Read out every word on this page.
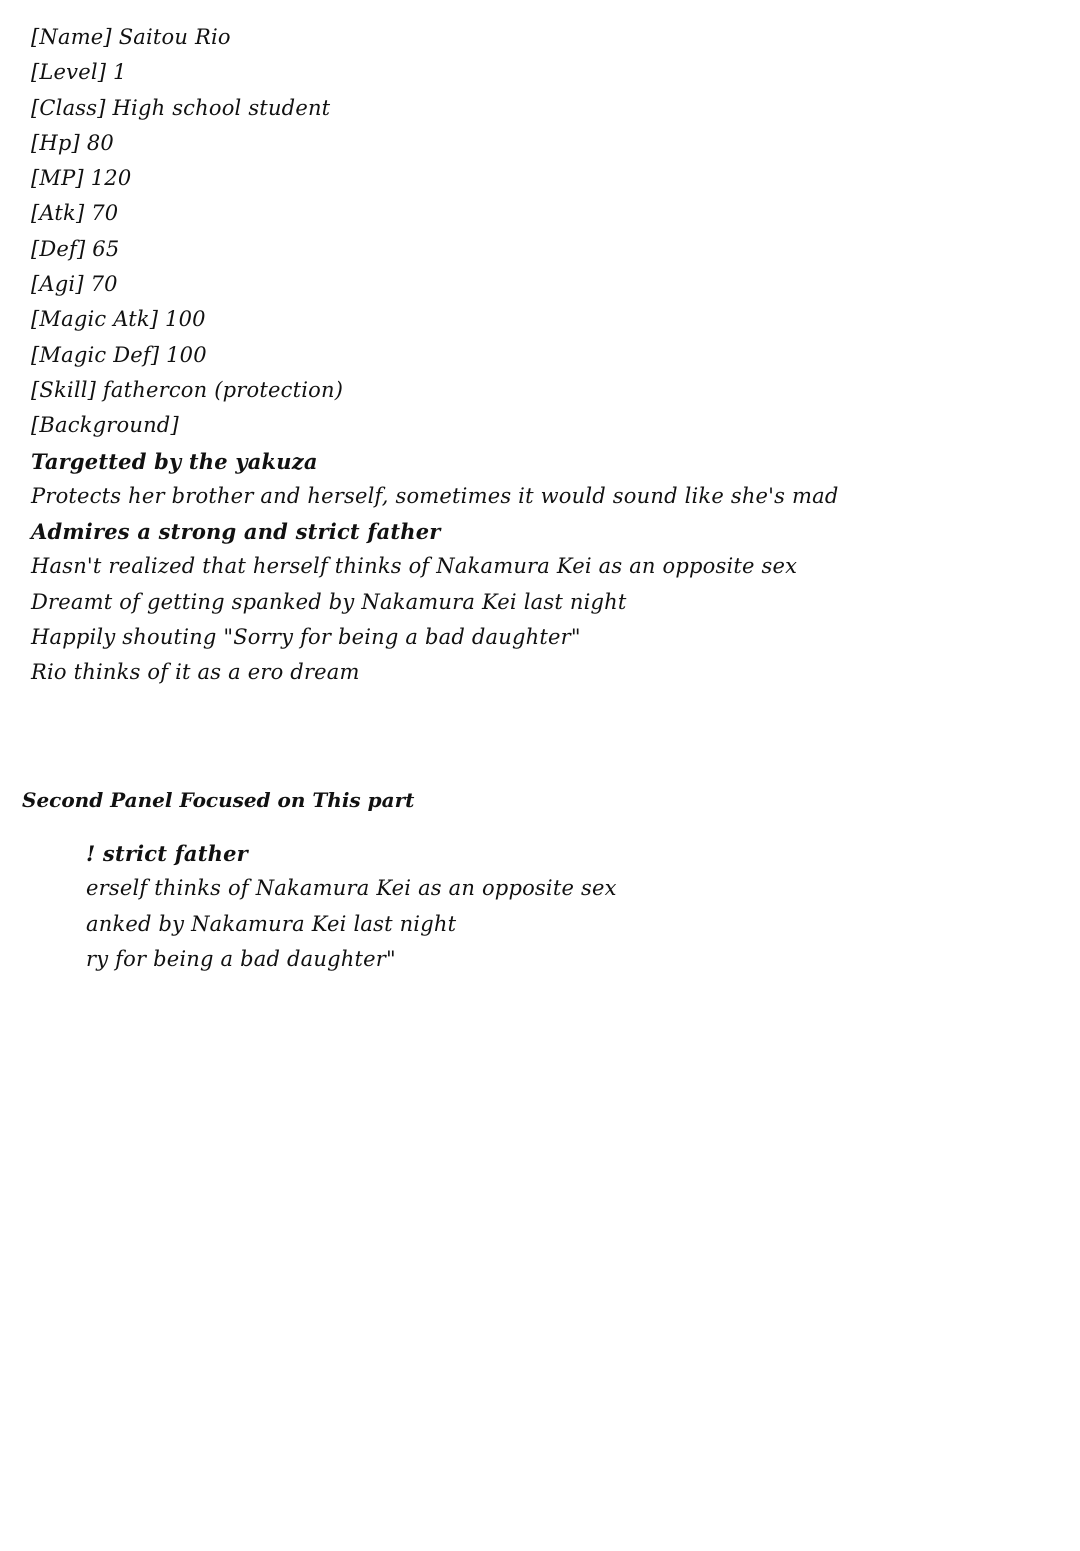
[Name] Saitou Rio
[Level] 1
[Class] High school student
[Hp] 80
[MP] 120
[Atk] 70
[Def] 65
[Agi] 70
[Magic Atk] 100
[Magic Def] 100
[Skill] fathercon (protection)
[Background]
Targetted by the yakuza
Protects her brother and herself, sometimes it would sound like she's mad
Admires a strong and strict father
Hasn't realized that herself thinks of Nakamura Kei as an opposite sex
Dreamt of getting spanked by Nakamura Kei last night
Happily shouting "Sorry for being a bad daughter"
Rio thinks of it as a ero dream

Second Panel Focused on This part

! strict father
erself thinks of Nakamura Kei as an opposite sex
anked by Nakamura Kei last night
ry for being a bad daughter"
